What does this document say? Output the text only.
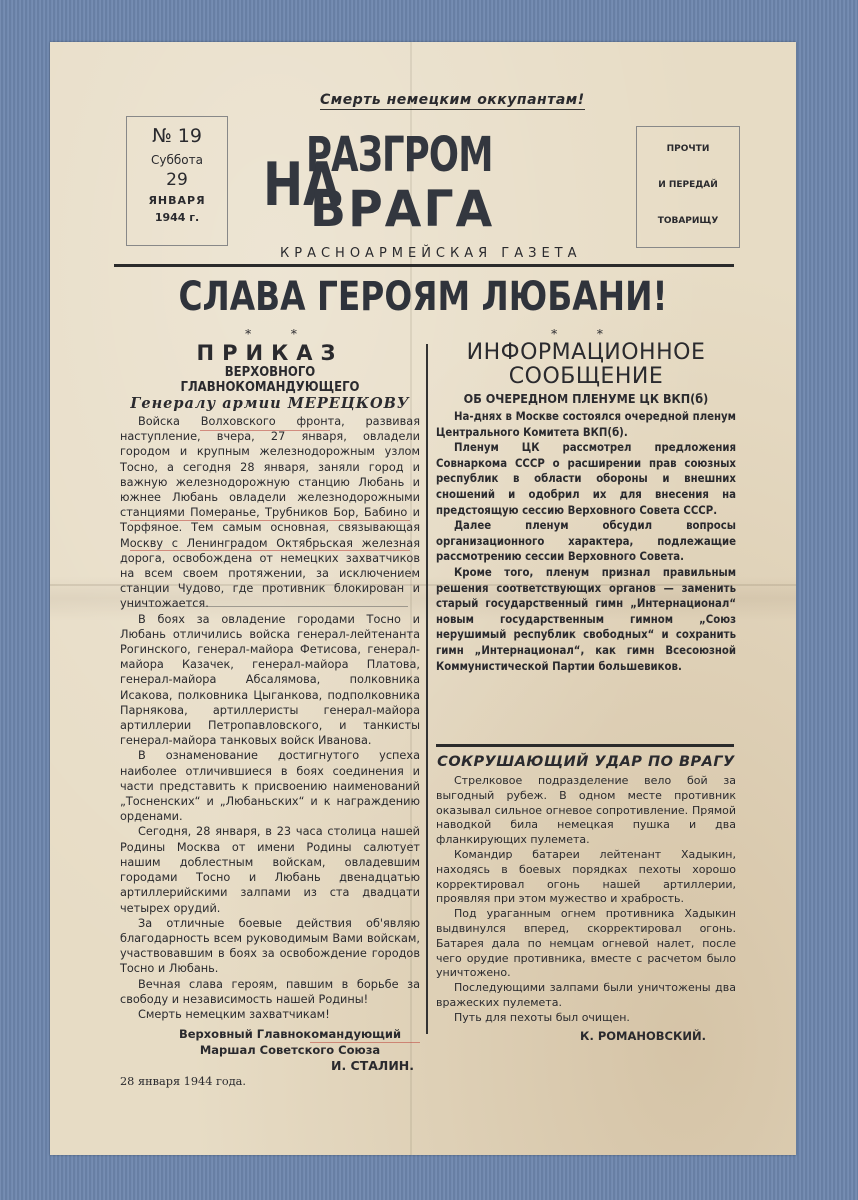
Смерть немецким оккупантам!
№ 19
Суббота
29
ЯНВАРЯ
1944 г.	НА
РАЗГРОМ
ВРАГА
КРАСНОАРМЕЙСКАЯ ГАЗЕТА
ПРОЧТИ
И ПЕРЕДАЙ
ТОВАРИЩУ
СЛАВА ГЕРОЯМ ЛЮБАНИ!
* *
ПРИКАЗ
ВЕРХОВНОГО ГЛАВНОКОМАНДУЮЩЕГО
Генералу армии МЕРЕЦКОВУ

Войска Волховского фронта, развивая наступление, вчера, 27 января, овладели городом и крупным железнодорожным узлом Тосно, а сегодня 28 января, заняли город и важную железнодорожную станцию Любань и южнее Любань овладели железнодорожными станциями Померанье, Трубников Бор, Бабино и Торфяное. Тем самым основная, связывающая Москву с Ленинградом Октябрьская железная дорога, освобождена от немецких захватчиков на всем своем протяжении, за исключением станции Чудово, где противник блокирован и уничтожается.

В боях за овладение городами Тосно и Любань отличились войска генерал-лейтенанта Рогинского, генерал-майора Фетисова, генерал-майора Казачек, генерал-майора Платова, генерал-майора Абсалямова, полковника Исакова, полковника Цыганкова, подполковника Парнякова, артиллеристы генерал-майора артиллерии Петропавловского, и танкисты генерал-майора танковых войск Иванова.

В ознаменование достигнутого успеха наиболее отличившиеся в боях соединения и части представить к присвоению наименований „Тосненских“ и „Любаньских“ и к награждению орденами.

Сегодня, 28 января, в 23 часа столица нашей Родины Москва от имени Родины салютует нашим доблестным войскам, овладевшим городами Тосно и Любань двенадцатью артиллерийскими залпами из ста двадцати четырех орудий.

За отличные боевые действия об'являю благодарность всем руководимым Вами войскам, участвовавшим в боях за освобождение городов Тосно и Любань.

Вечная слава героям, павшим в борьбе за свободу и независимость нашей Родины!

Смерть немецким захватчикам!

Верховный Главнокомандующий
Маршал Советского Союза
И. СТАЛИН.
28 января 1944 года.
* *
ИНФОРМАЦИОННОЕ
СООБЩЕНИЕ
ОБ ОЧЕРЕДНОМ ПЛЕНУМЕ ЦК ВКП(б)

На-днях в Москве состоялся очередной пленум Центрального Комитета ВКП(б).

Пленум ЦК рассмотрел предложения Совнаркома СССР о расширении прав союзных республик в области обороны и внешних сношений и одобрил их для внесения на предстоящую сессию Верховного Совета СССР.

Далее пленум обсудил вопросы организационного характера, подлежащие рассмотрению сессии Верховного Совета.

Кроме того, пленум признал правильным решения соответствующих органов — заменить старый государственный гимн „Интернационал“ новым государственным гимном „Союз нерушимый республик свободных“ и сохранить гимн „Интернационал“, как гимн Всесоюзной Коммунистической Партии большевиков.

СОКРУШАЮЩИЙ УДАР ПО ВРАГУ

Стрелковое подразделение вело бой за выгодный рубеж. В одном месте противник оказывал сильное огневое сопротивление. Прямой наводкой била немецкая пушка и два фланкирующих пулемета.

Командир батареи лейтенант Хадыкин, находясь в боевых порядках пехоты хорошо корректировал огонь нашей артиллерии, проявляя при этом мужество и храбрость.

Под ураганным огнем противника Хадыкин выдвинулся вперед, скорректировал огонь. Батарея дала по немцам огневой налет, после чего орудие противника, вместе с расчетом было уничтожено.

Последующими залпами были уничтожены два вражеских пулемета.

Путь для пехоты был очищен.

К. РОМАНОВСКИЙ.
